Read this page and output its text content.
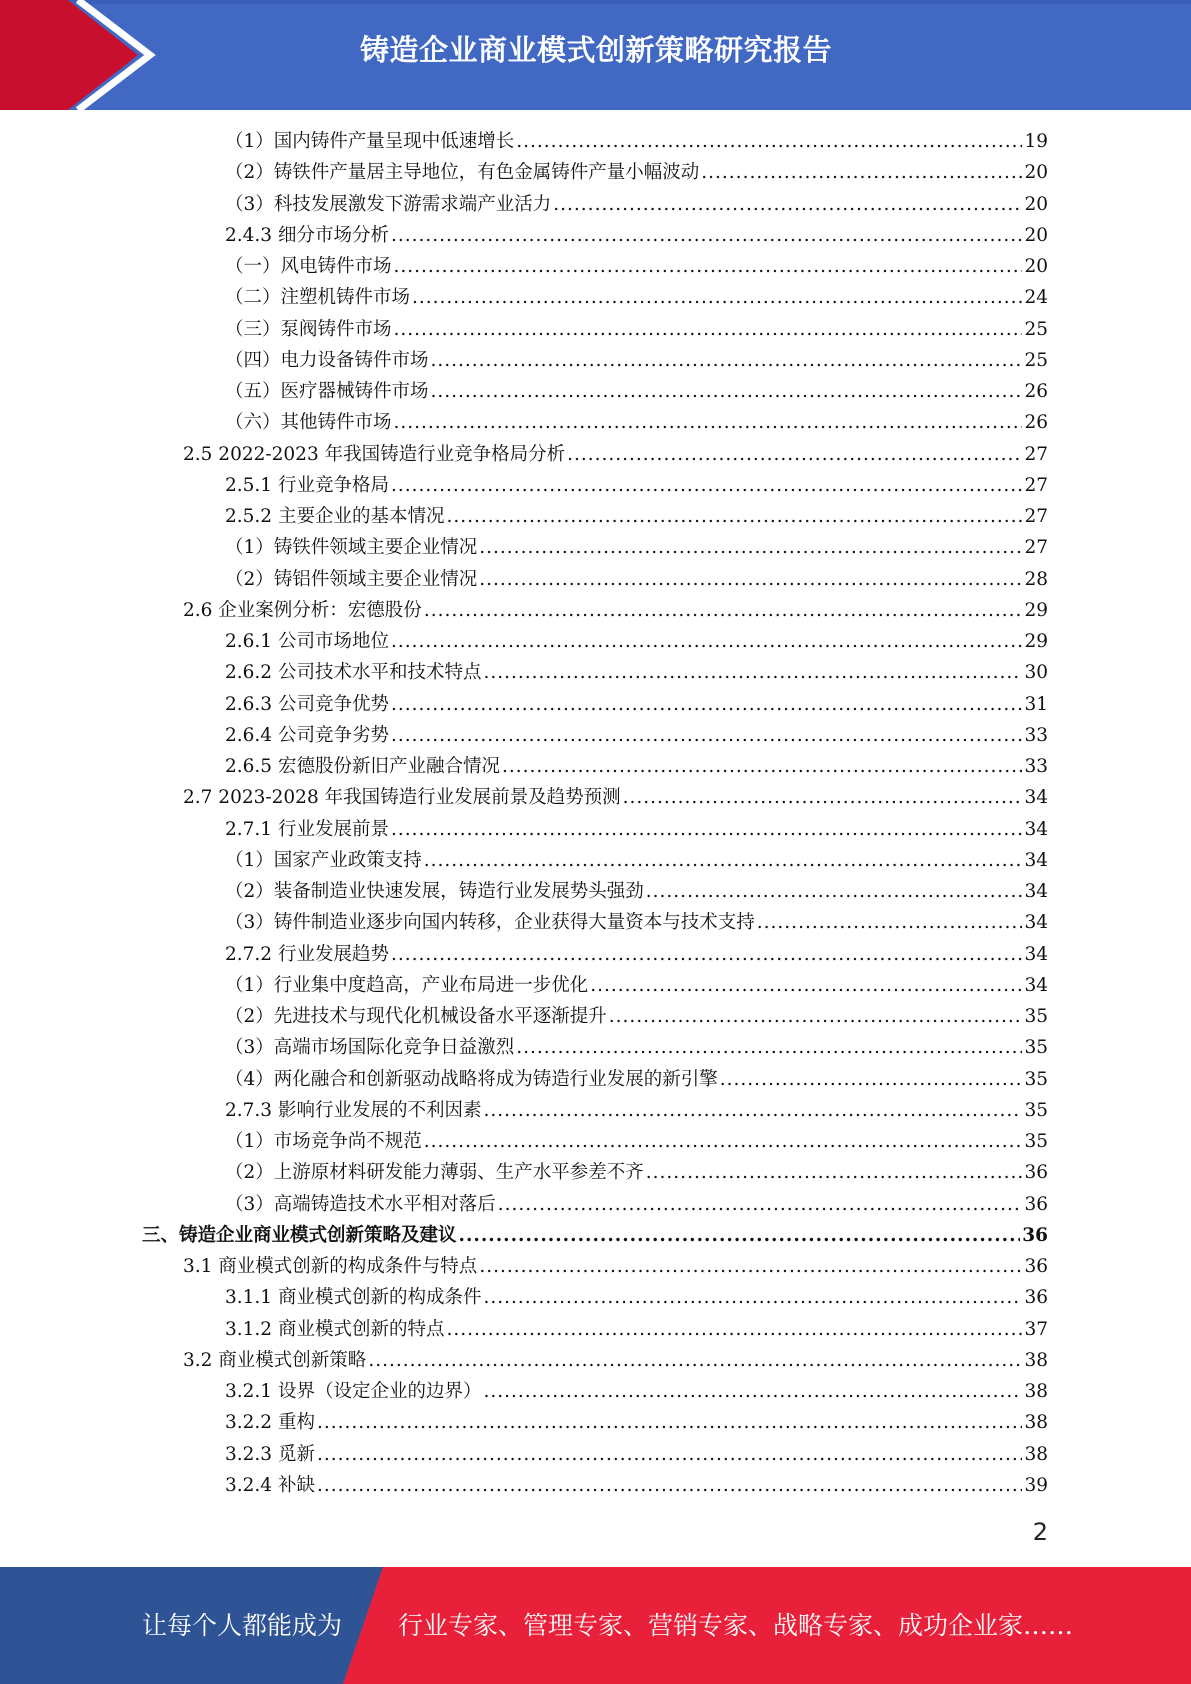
铸造企业商业模式创新策略研究报告
（1）国内铸件产量呈现中低速增长 .....	19
（2）铸铁件产量居主导地位，有色金属铸件产量小幅波动 .....	20
（3）科技发展激发下游需求端产业活力 .....	20
2.4.3 细分市场分析 .....	20
（一）风电铸件市场 .....	20
（二）注塑机铸件市场 .....	24
（三）泵阀铸件市场 .....	25
（四）电力设备铸件市场 .....	25
（五）医疗器械铸件市场 .....	26
（六）其他铸件市场 .....	26
2.5 2022-2023 年我国铸造行业竞争格局分析 .....	27
2.5.1 行业竞争格局 .....	27
2.5.2 主要企业的基本情况 .....	27
（1）铸铁件领域主要企业情况 .....	27
（2）铸铝件领域主要企业情况 .....	28
2.6 企业案例分析：宏德股份 .....	29
2.6.1 公司市场地位 .....	29
2.6.2 公司技术水平和技术特点 .....	30
2.6.3 公司竞争优势 .....	31
2.6.4 公司竞争劣势 .....	33
2.6.5 宏德股份新旧产业融合情况 .....	33
2.7 2023-2028 年我国铸造行业发展前景及趋势预测 .....	34
2.7.1 行业发展前景 .....	34
（1）国家产业政策支持 .....	34
（2）装备制造业快速发展，铸造行业发展势头强劲 .....	34
（3）铸件制造业逐步向国内转移，企业获得大量资本与技术支持 .....	34
2.7.2 行业发展趋势 .....	34
（1）行业集中度趋高，产业布局进一步优化 .....	34
（2）先进技术与现代化机械设备水平逐渐提升 .....	35
（3）高端市场国际化竞争日益激烈 .....	35
（4）两化融合和创新驱动战略将成为铸造行业发展的新引擎 .....	35
2.7.3 影响行业发展的不利因素 .....	35
（1）市场竞争尚不规范 .....	35
（2）上游原材料研发能力薄弱、生产水平参差不齐 .....	36
（3）高端铸造技术水平相对落后 .....	36
三、铸造企业商业模式创新策略及建议 .....	36
3.1 商业模式创新的构成条件与特点 .....	36
3.1.1 商业模式创新的构成条件 .....	36
3.1.2 商业模式创新的特点 .....	37
3.2 商业模式创新策略 .....	38
3.2.1 设界（设定企业的边界） .....	38
3.2.2 重构 .....	38
3.2.3 觅新 .....	38
3.2.4 补缺 .....	39
2
让每个人都能成为 行业专家、管理专家、营销专家、战略专家、成功企业家……
